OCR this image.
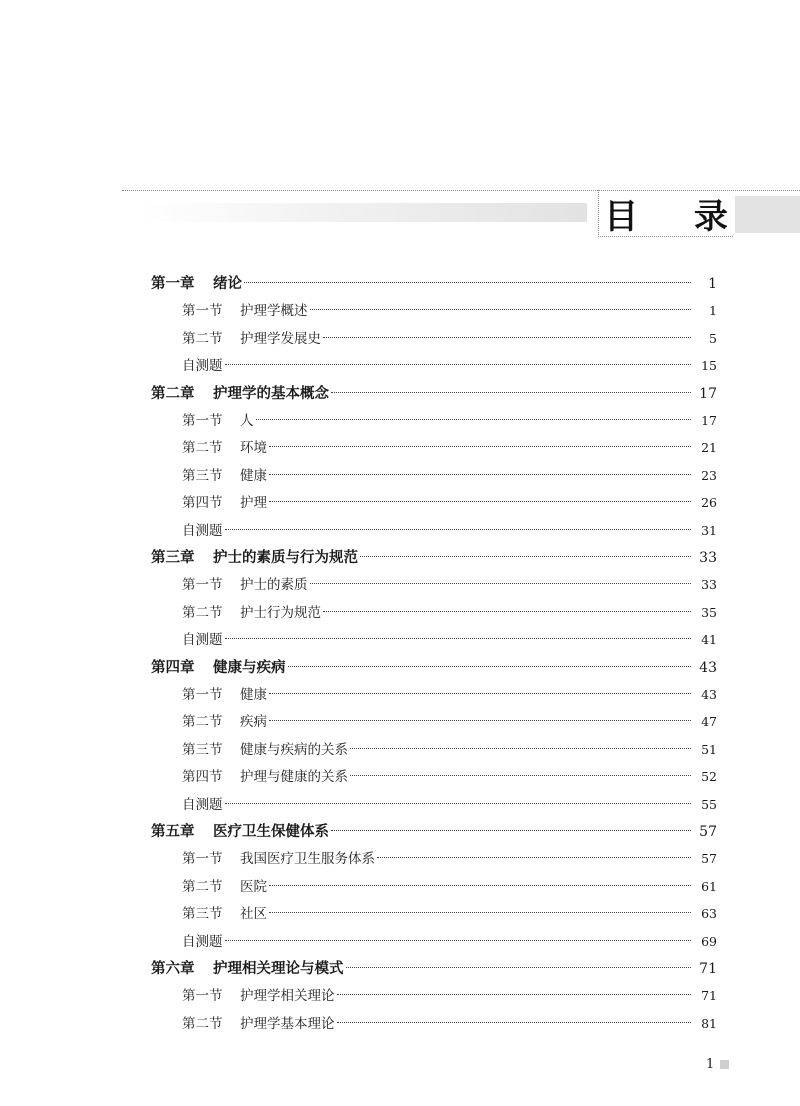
目 录
第一章 绪论	1
第一节 护理学概述	1
第二节 护理学发展史	5
自测题	15
第二章 护理学的基本概念	17
第一节 人	17
第二节 环境	21
第三节 健康	23
第四节 护理	26
自测题	31
第三章 护士的素质与行为规范	33
第一节 护士的素质	33
第二节 护士行为规范	35
自测题	41
第四章 健康与疾病	43
第一节 健康	43
第二节 疾病	47
第三节 健康与疾病的关系	51
第四节 护理与健康的关系	52
自测题	55
第五章 医疗卫生保健体系	57
第一节 我国医疗卫生服务体系	57
第二节 医院	61
第三节 社区	63
自测题	69
第六章 护理相关理论与模式	71
第一节 护理学相关理论	71
第二节 护理学基本理论	81
1
